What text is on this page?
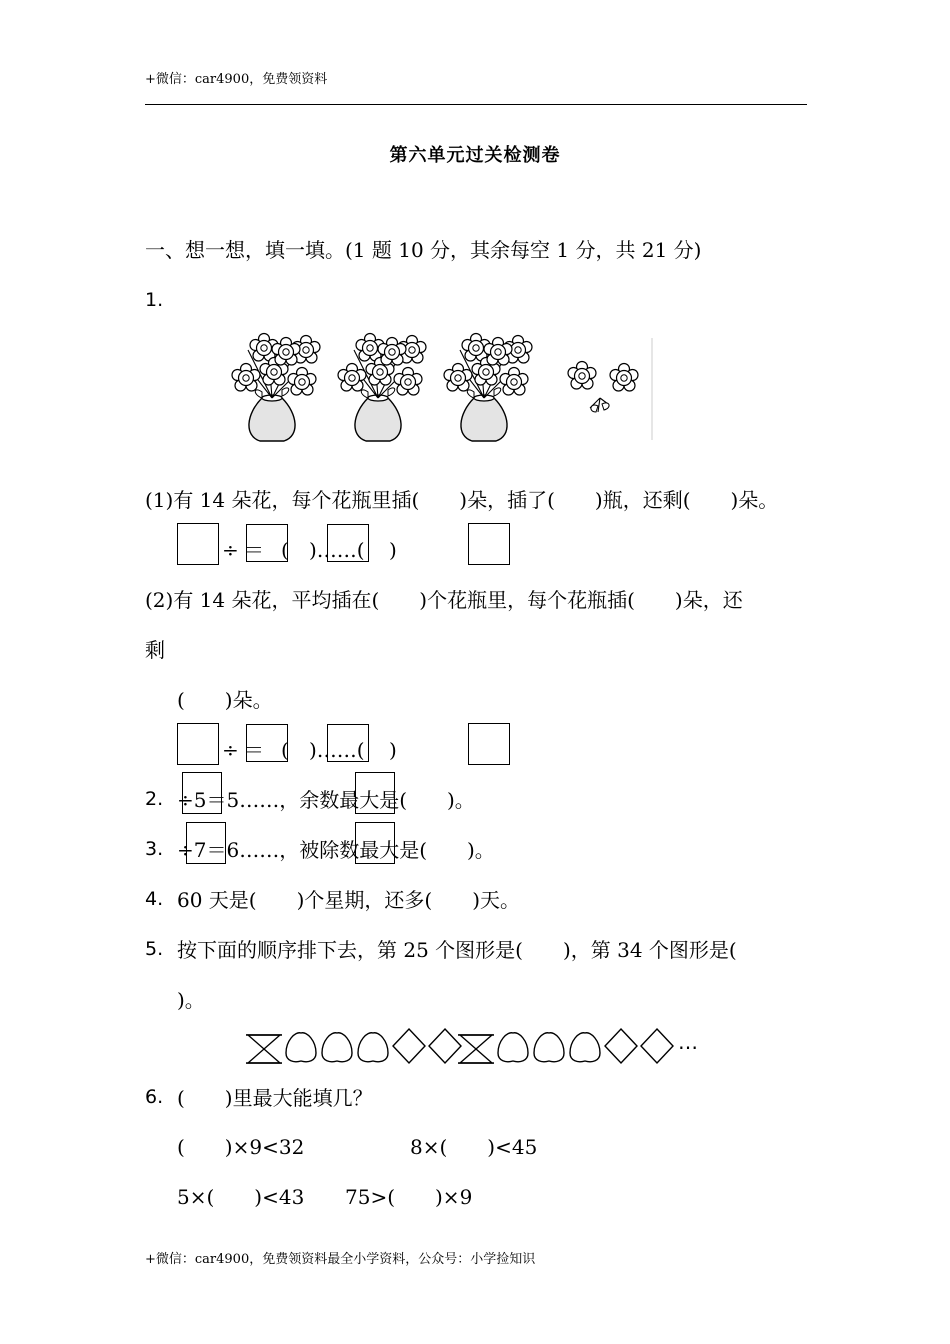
+微信：car4900，免费领资料
第六单元过关检测卷
一、想一想，填一填。(1 题 10 分，其余每空 1 分，共 21 分)
1.
(1)有 14 朵花，每个花瓶里插(　　)朵，插了(　　)瓶，还剩(　　)朵。
÷ ＝ ( )……( )
(2)有 14 朵花，平均插在(　　)个花瓶里，每个花瓶插(　　)朵，还
剩
(　　)朵。
÷ ＝ ( )……( )
2. ÷5＝5……，余数最大是(　　)。
3. ÷7＝6……，被除数最大是(　　)。
4. 60 天是(　　)个星期，还多(　　)天。
5. 按下面的顺序排下去，第 25 个图形是(　　)，第 34 个图形是(
)。
…
6. (　　)里最大能填几？
(　　)×9<32	8×(　　)<45
5×(　　)<43 75>(　　)×9
+微信：car4900，免费领资料最全小学资料，公众号：小学捡知识
